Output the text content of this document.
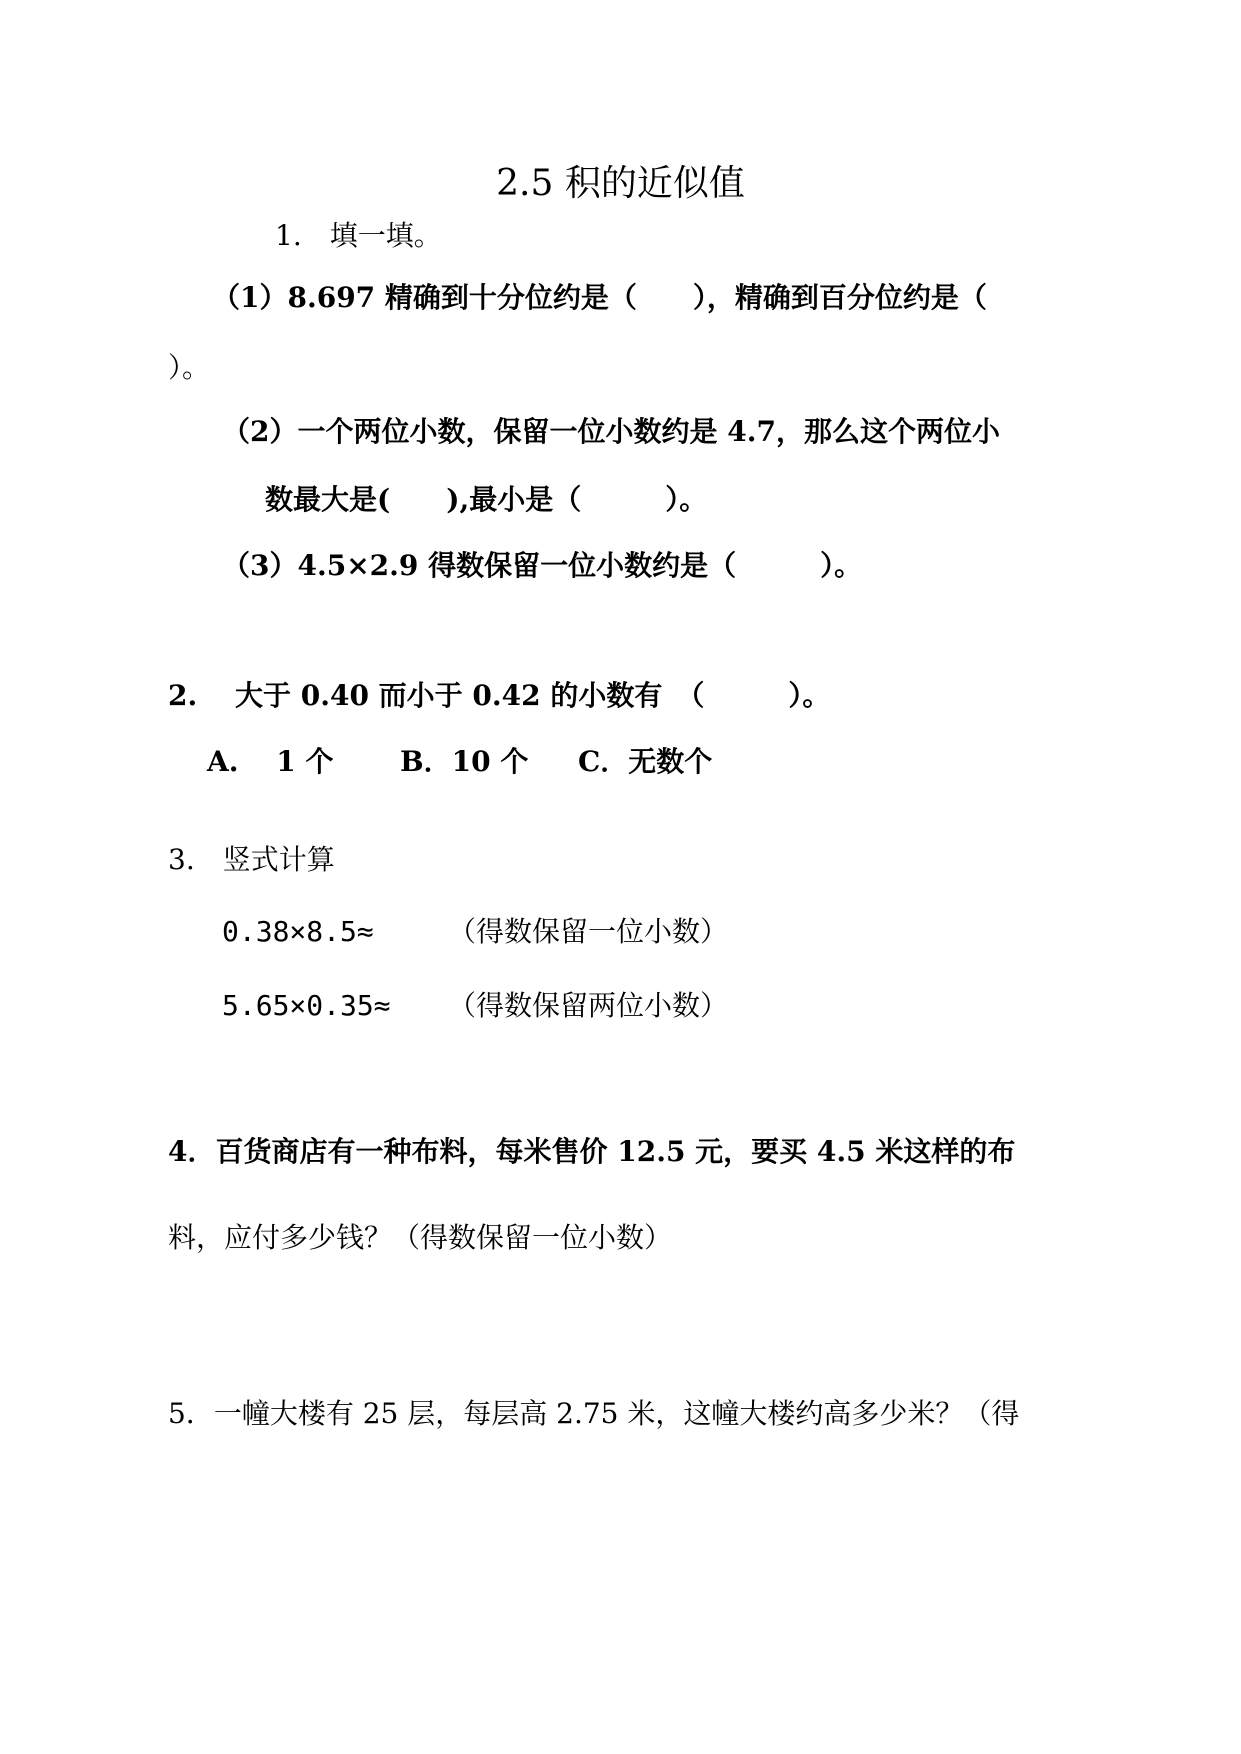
2.5 积的近似值
1.　填一填。
（1）8.697 精确到十分位约是（　　），精确到百分位约是（
）。
（2）一个两位小数，保留一位小数约是 4.7，那么这个两位小
数最大是(　　),最小是（　　　）。
（3）4.5×2.9 得数保留一位小数约是（　　　）。
2.　 大于 0.40 而小于 0.42 的小数有　（　　　）。
A.　 1 个 B．10 个 C．无数个
3.　竖式计算
0.38×8.5≈	（得数保留一位小数）
5.65×0.35≈ （得数保留两位小数）
4．百货商店有一种布料，每米售价 12.5 元，要买 4.5 米这样的布
料，应付多少钱？（得数保留一位小数）
5．一幢大楼有 25 层，每层高 2.75 米，这幢大楼约高多少米？（得
